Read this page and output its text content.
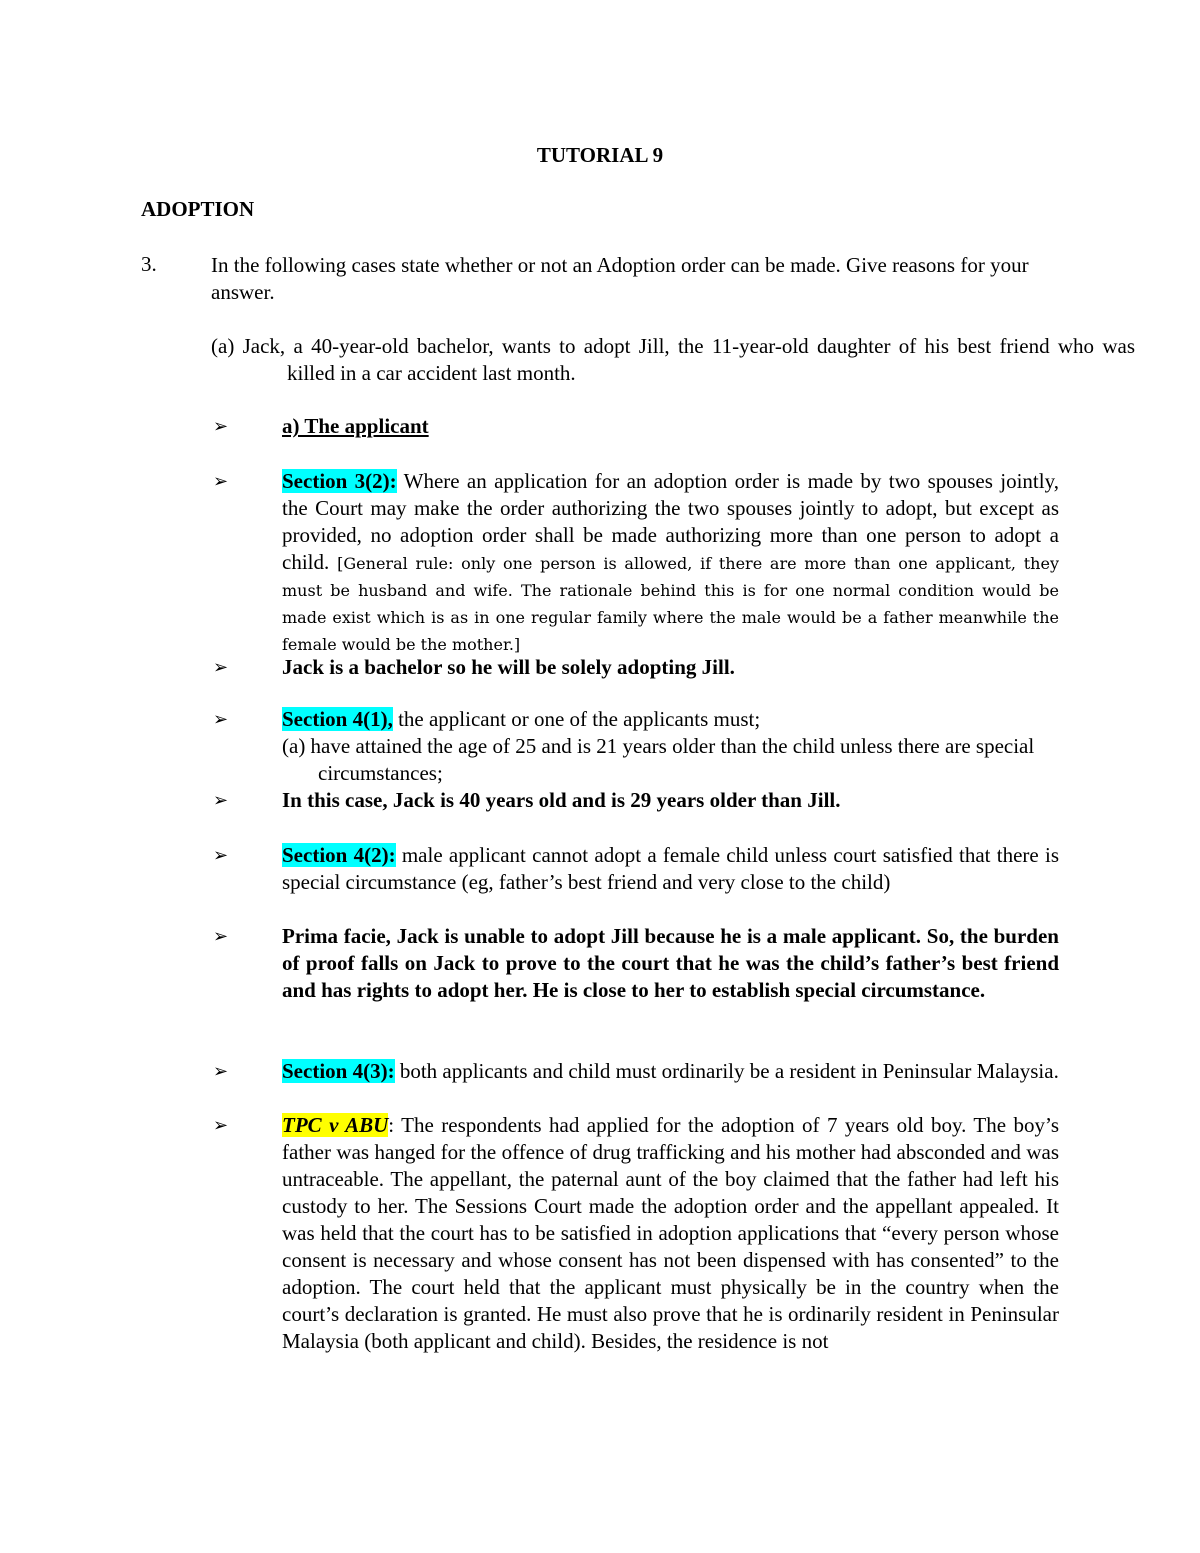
TUTORIAL 9
ADOPTION
3.	In the following cases state whether or not an Adoption order can be made. Give reasons for your answer.
(a) Jack, a 40-year-old bachelor, wants to adopt Jill, the 11-year-old daughter of his best friend who was killed in a car accident last month.
➢	a) The applicant
➢	Section 3(2): Where an application for an adoption order is made by two spouses jointly, the Court may make the order authorizing the two spouses jointly to adopt, but except as provided, no adoption order shall be made authorizing more than one person to adopt a child. [General rule: only one person is allowed, if there are more than one applicant, they must be husband and wife. The rationale behind this is for one normal condition would be made exist which is as in one regular family where the male would be a father meanwhile the female would be the mother.]
➢	Jack is a bachelor so he will be solely adopting Jill.
➢	Section 4(1), the applicant or one of the applicants must;
(a) have attained the age of 25 and is 21 years older than the child unless there are special circumstances;
➢	In this case, Jack is 40 years old and is 29 years older than Jill.
➢	Section 4(2): male applicant cannot adopt a female child unless court satisfied that there is special circumstance (eg, father’s best friend and very close to the child)
➢	Prima facie, Jack is unable to adopt Jill because he is a male applicant. So, the burden of proof falls on Jack to prove to the court that he was the child’s father’s best friend and has rights to adopt her. He is close to her to establish special circumstance.
➢	Section 4(3): both applicants and child must ordinarily be a resident in Peninsular Malaysia.
➢	TPC v ABU: The respondents had applied for the adoption of 7 years old boy. The boy’s father was hanged for the offence of drug trafficking and his mother had absconded and was untraceable. The appellant, the paternal aunt of the boy claimed that the father had left his custody to her. The Sessions Court made the adoption order and the appellant appealed. It was held that the court has to be satisfied in adoption applications that “every person whose consent is necessary and whose consent has not been dispensed with has consented” to the adoption. The court held that the applicant must physically be in the country when the court’s declaration is granted. He must also prove that he is ordinarily resident in Peninsular Malaysia (both applicant and child). Besides, the residence is not
